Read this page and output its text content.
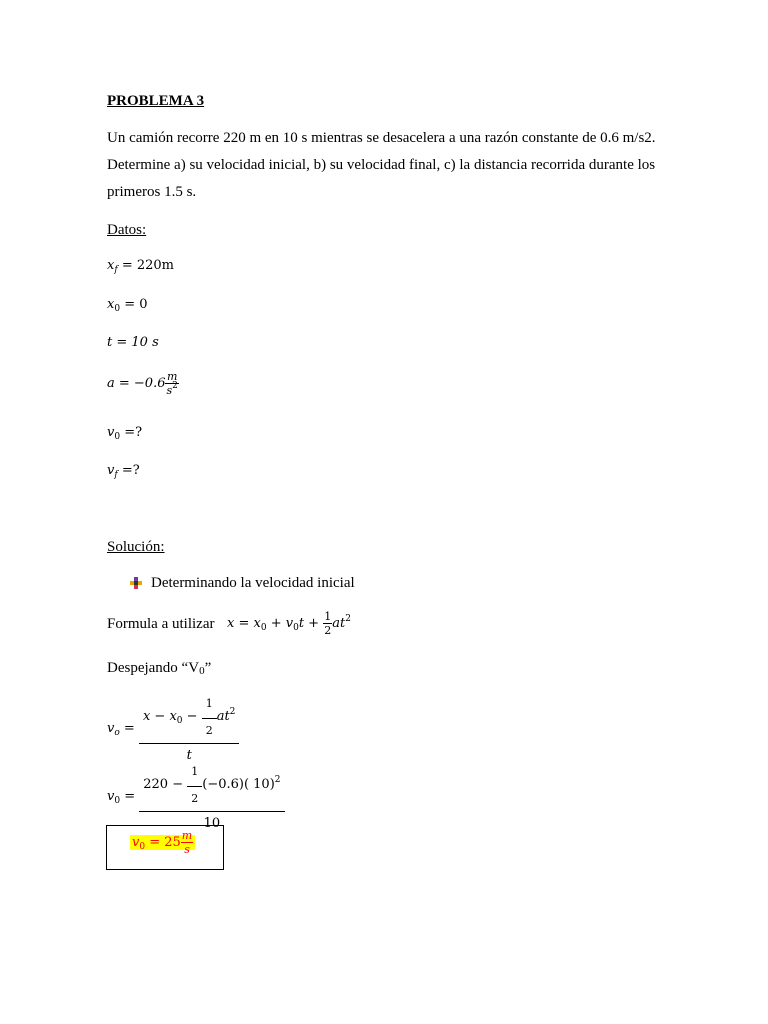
PROBLEMA 3
Un camión recorre 220 m en 10 s mientras se desacelera a una razón constante de 0.6 m/s2.
Determine a) su velocidad inicial, b) su velocidad final, c) la distancia recorrida durante los
primeros 1.5 s.
Datos:
$x_f = 220m$
$x_0 = 0$
t = 10 s
$a = -0.6 \frac{m}{s^2}$
$v_0$ =?
$v_f$ =?
Solución:
Determinando la velocidad inicial
Formula a utilizar $x = x_0 + v_0t + \frac{1}{2} at^2$
Despejando “$V_0$”
$v_o = \frac{x - x_0 - \frac{1}{2} at^2}{t}$
$v_0 = \frac{220 - \frac{1}{2} (-0.6)( 10)^2}{10}$
$v_0 = 25 \frac{m}{s}$
